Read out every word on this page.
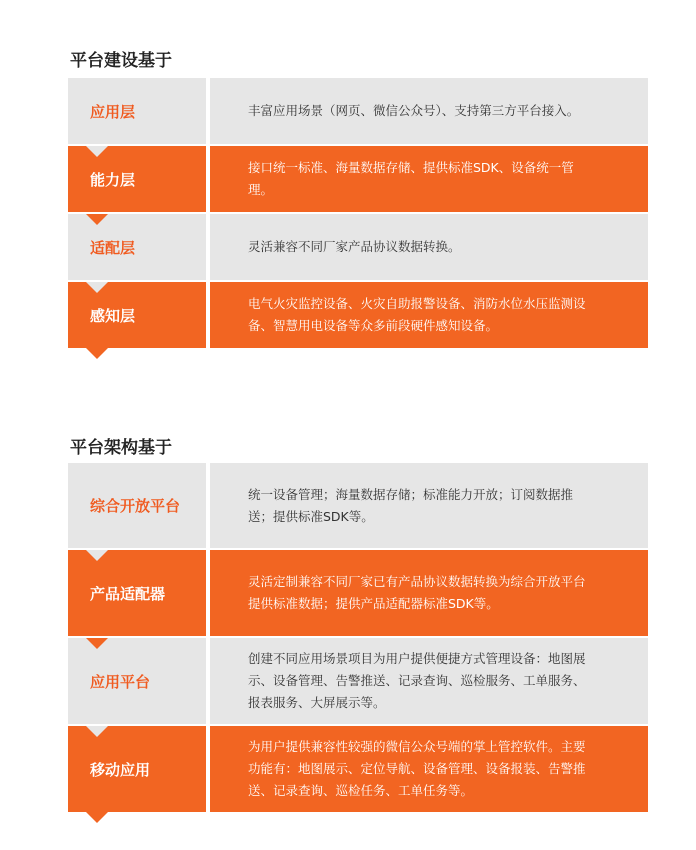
平台建设基于
应用层	丰富应用场景（网页、微信公众号）、支持第三方平台接入。
能力层
接口统一标准、海量数据存储、提供标准SDK、设备统一管理。
适配层	灵活兼容不同厂家产品协议数据转换。
感知层
电气火灾监控设备、火灾自助报警设备、消防水位水压监测设备、智慧用电设备等众多前段硬件感知设备。
平台架构基于
综合开放平台
统一设备管理；海量数据存储；标准能力开放；订阅数据推送；提供标准SDK等。
产品适配器
灵活定制兼容不同厂家已有产品协议数据转换为综合开放平台提供标准数据；提供产品适配器标准SDK等。
应用平台
创建不同应用场景项目为用户提供便捷方式管理设备：地图展示、设备管理、告警推送、记录查询、巡检服务、工单服务、报表服务、大屏展示等。
移动应用
为用户提供兼容性较强的微信公众号端的掌上管控软件。主要功能有：地图展示、定位导航、设备管理、设备报装、告警推送、记录查询、巡检任务、工单任务等。
